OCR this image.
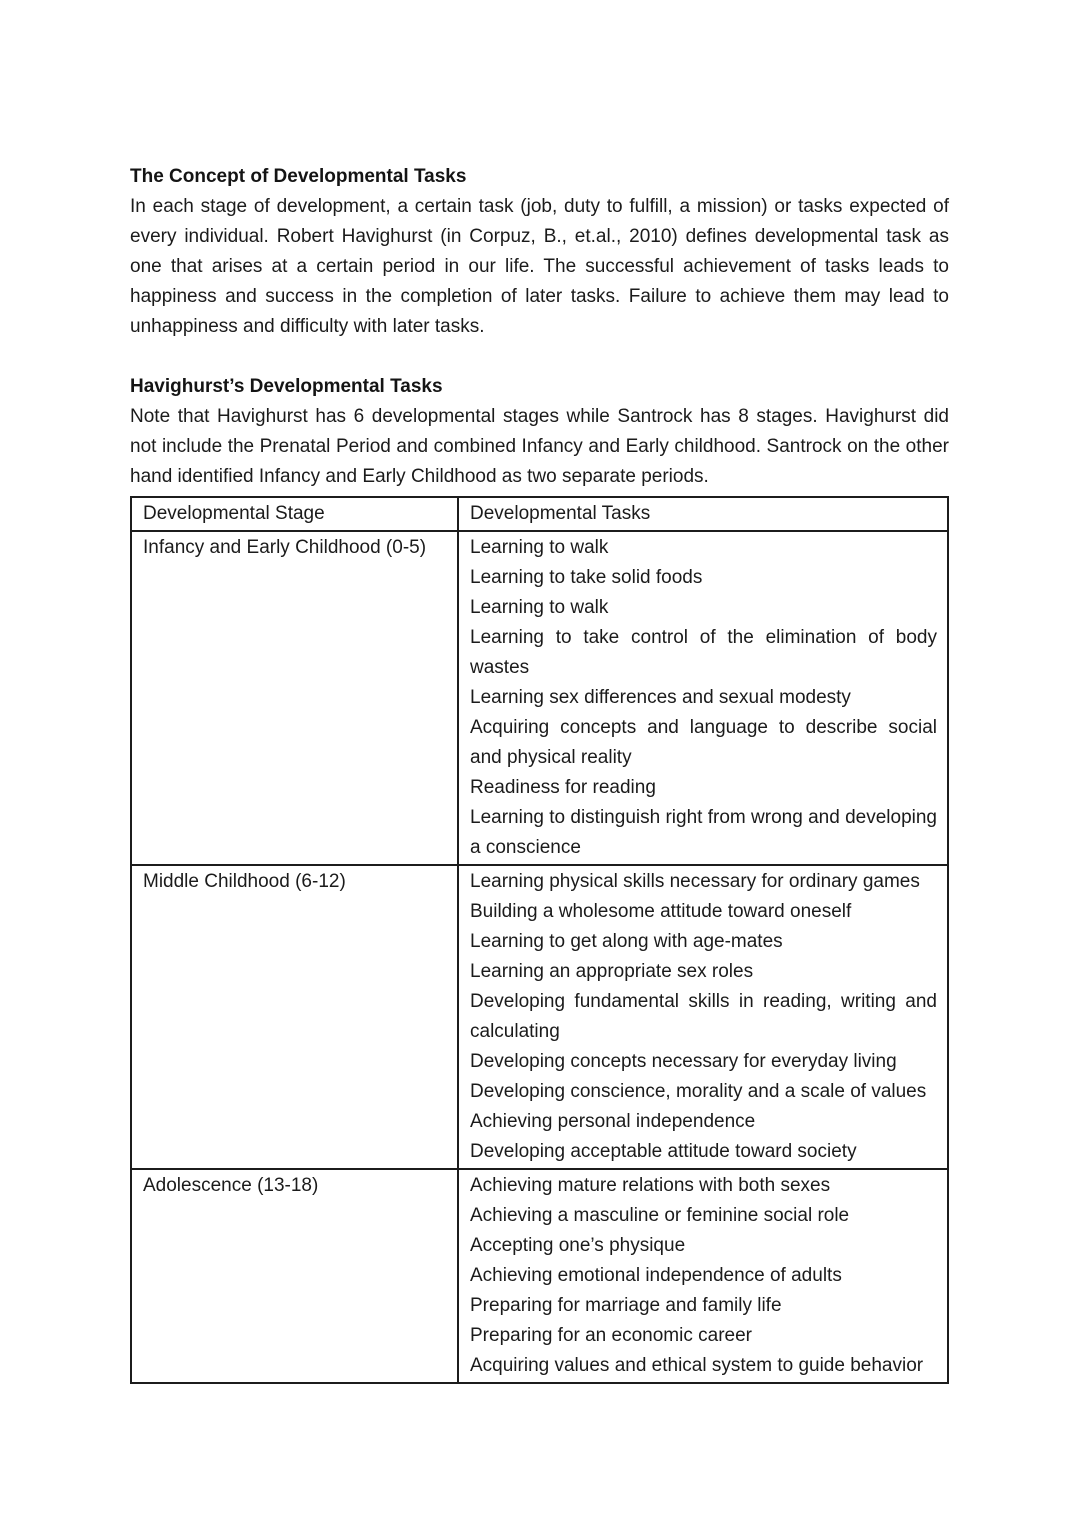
The Concept of Developmental Tasks

In each stage of development, a certain task (job, duty to fulfill, a mission) or tasks expected of every individual. Robert Havighurst (in Corpuz, B., et.al., 2010) defines developmental task as one that arises at a certain period in our life. The successful achievement of tasks leads to happiness and success in the completion of later tasks. Failure to achieve them may lead to unhappiness and difficulty with later tasks.

Havighurst’s Developmental Tasks

Note that Havighurst has 6 developmental stages while Santrock has 8 stages. Havighurst did not include the Prenatal Period and combined Infancy and Early childhood. Santrock on the other hand identified Infancy and Early Childhood as two separate periods.

Developmental Stage	Developmental Tasks
Infancy and Early Childhood (0-5)	Learning to walk
Learning to take solid foods
Learning to walk
Learning to take control of the elimination of body wastes
Learning sex differences and sexual modesty
Acquiring concepts and language to describe social and physical reality
Readiness for reading
Learning to distinguish right from wrong and developing a conscience

Middle Childhood (6-12)	Learning physical skills necessary for ordinary games
Building a wholesome attitude toward oneself
Learning to get along with age-mates
Learning an appropriate sex roles
Developing fundamental skills in reading, writing and calculating
Developing concepts necessary for everyday living
Developing conscience, morality and a scale of values
Achieving personal independence
Developing acceptable attitude toward society

Adolescence (13-18)	Achieving mature relations with both sexes
Achieving a masculine or feminine social role
Accepting one’s physique
Achieving emotional independence of adults
Preparing for marriage and family life
Preparing for an economic career
Acquiring values and ethical system to guide behavior
